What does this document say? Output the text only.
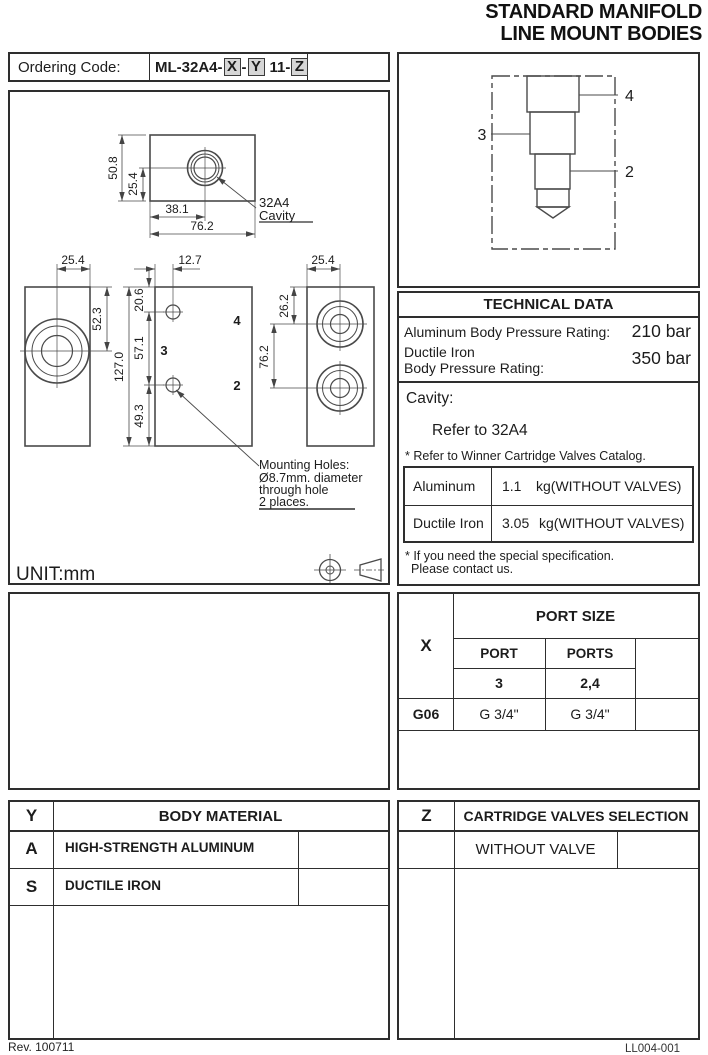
STANDARD MANIFOLD
LINE MOUNT BODIES
Ordering Code:	ML-32A4- X - Y 11- Z
50.8
25.4
38.1
76.2
32A4
Cavity
25.4
52.3
12.7
20.6
57.1
49.3
127.0
4
3
2
25.4
26.2
76.2
Mounting Holes:
Ø8.7mm. diameter
through hole
2 places.
UNIT:mm
4
3
2
TECHNICAL DATA
Aluminum Body Pressure Rating: 210 bar
Ductile Iron
Body Pressure Rating:	350 bar
Cavity:
Refer to 32A4
* Refer to Winner Cartridge Valves Catalog.
Aluminum 1.1 kg(WITHOUT VALVES)
Ductile Iron 3.05 kg(WITHOUT VALVES)
* If you need the special specification.
Please contact us.
X
PORT SIZE
PORT	PORTS
3	2,4
G06	G 3/4"	G 3/4"
Y	BODY MATERIAL
A	HIGH-STRENGTH ALUMINUM
S	DUCTILE IRON
Z	CARTRIDGE VALVES SELECTION
WITHOUT VALVE
Rev. 100711	LL004-001
